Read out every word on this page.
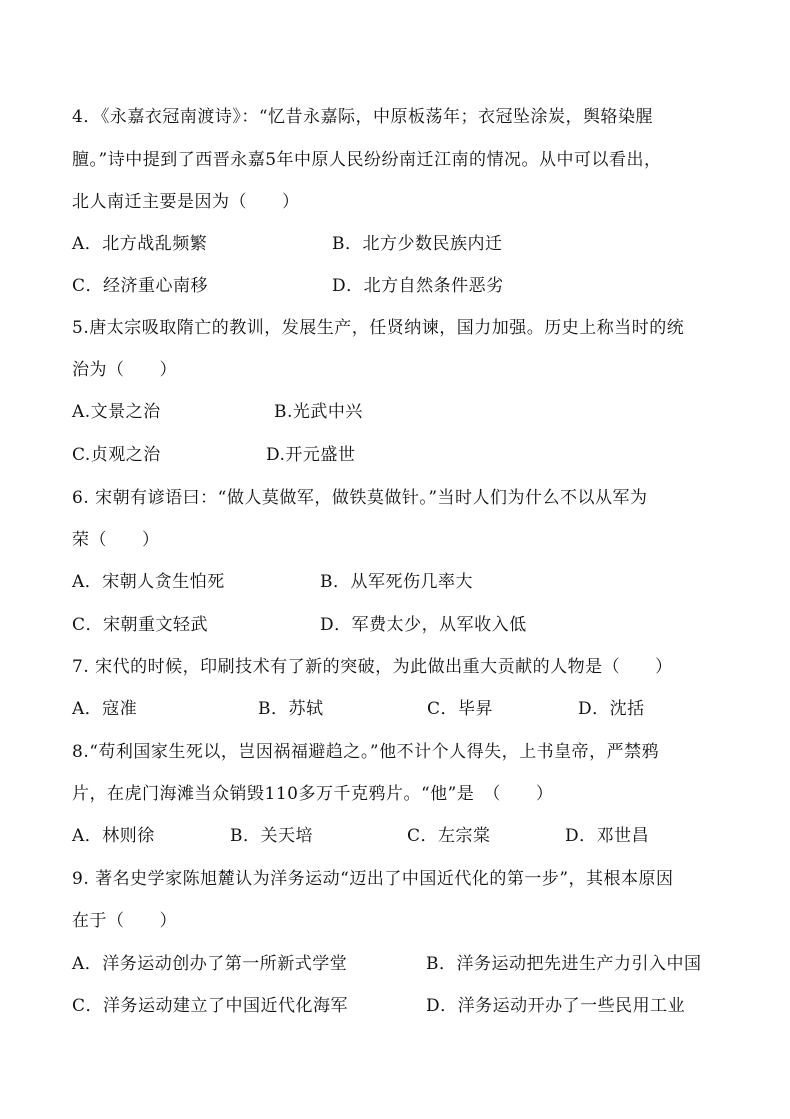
4．《永嘉衣冠南渡诗》：“忆昔永嘉际，中原板荡年；衣冠坠涂炭，舆辂染腥
膻。”诗中提到了西晋永嘉5年中原人民纷纷南迁江南的情况。从中可以看出，
北人南迁主要是因为（　　）
A．北方战乱频繁	B．北方少数民族内迁
C．经济重心南移	D．北方自然条件恶劣
5.唐太宗吸取隋亡的教训，发展生产，任贤纳谏，国力加强。历史上称当时的统
治为（　　）
A.文景之治	B.光武中兴
C.贞观之治	D.开元盛世
6. 宋朝有谚语曰：“做人莫做军，做铁莫做针。”当时人们为什么不以从军为
荣（　　）
A．宋朝人贪生怕死	B．从军死伤几率大
C．宋朝重文轻武	D．军费太少，从军收入低
7. 宋代的时候，印刷技术有了新的突破，为此做出重大贡献的人物是（　　）
A．寇准	B．苏轼	C．毕昇	D．沈括
8.“苟利国家生死以，岂因祸福避趋之。”他不计个人得失，上书皇帝，严禁鸦
片，在虎门海滩当众销毁110多万千克鸦片。“他”是　（　　）
A．林则徐	B．关天培	C．左宗棠	D．邓世昌
9. 著名史学家陈旭麓认为洋务运动“迈出了中国近代化的第一步”，其根本原因
在于（　　）
A．洋务运动创办了第一所新式学堂	B．洋务运动把先进生产力引入中国
C．洋务运动建立了中国近代化海军	D．洋务运动开办了一些民用工业
